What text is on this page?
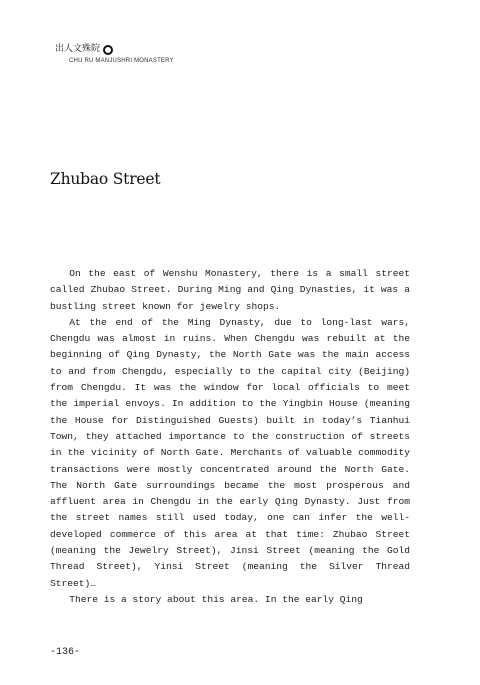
出人文殊院
CHU RU MANJUSHRI MONASTERY
Zhubao Street

On the east of Wenshu Monastery, there is a small street called Zhubao Street. During Ming and Qing Dynasties, it was a bustling street known for jewelry shops.

At the end of the Ming Dynasty, due to long-last wars, Chengdu was almost in ruins. When Chengdu was rebuilt at the beginning of Qing Dynasty, the North Gate was the main access to and from Chengdu, especially to the capital city (Beijing) from Chengdu. It was the window for local officials to meet the imperial envoys. In addition to the Yingbin House (meaning the House for Distinguished Guests) built in today’s Tianhui Town, they attached importance to the construction of streets in the vicinity of North Gate. Merchants of valuable commodity transactions were mostly concentrated around the North Gate. The North Gate surroundings became the most prosperous and affluent area in Chengdu in the early Qing Dynasty. Just from the street names still used today, one can infer the well-developed commerce of this area at that time: Zhubao Street (meaning the Jewelry Street), Jinsi Street (meaning the Gold Thread Street), Yinsi Street (meaning the Silver Thread Street)…

There is a story about this area. In the early Qing

-136-
